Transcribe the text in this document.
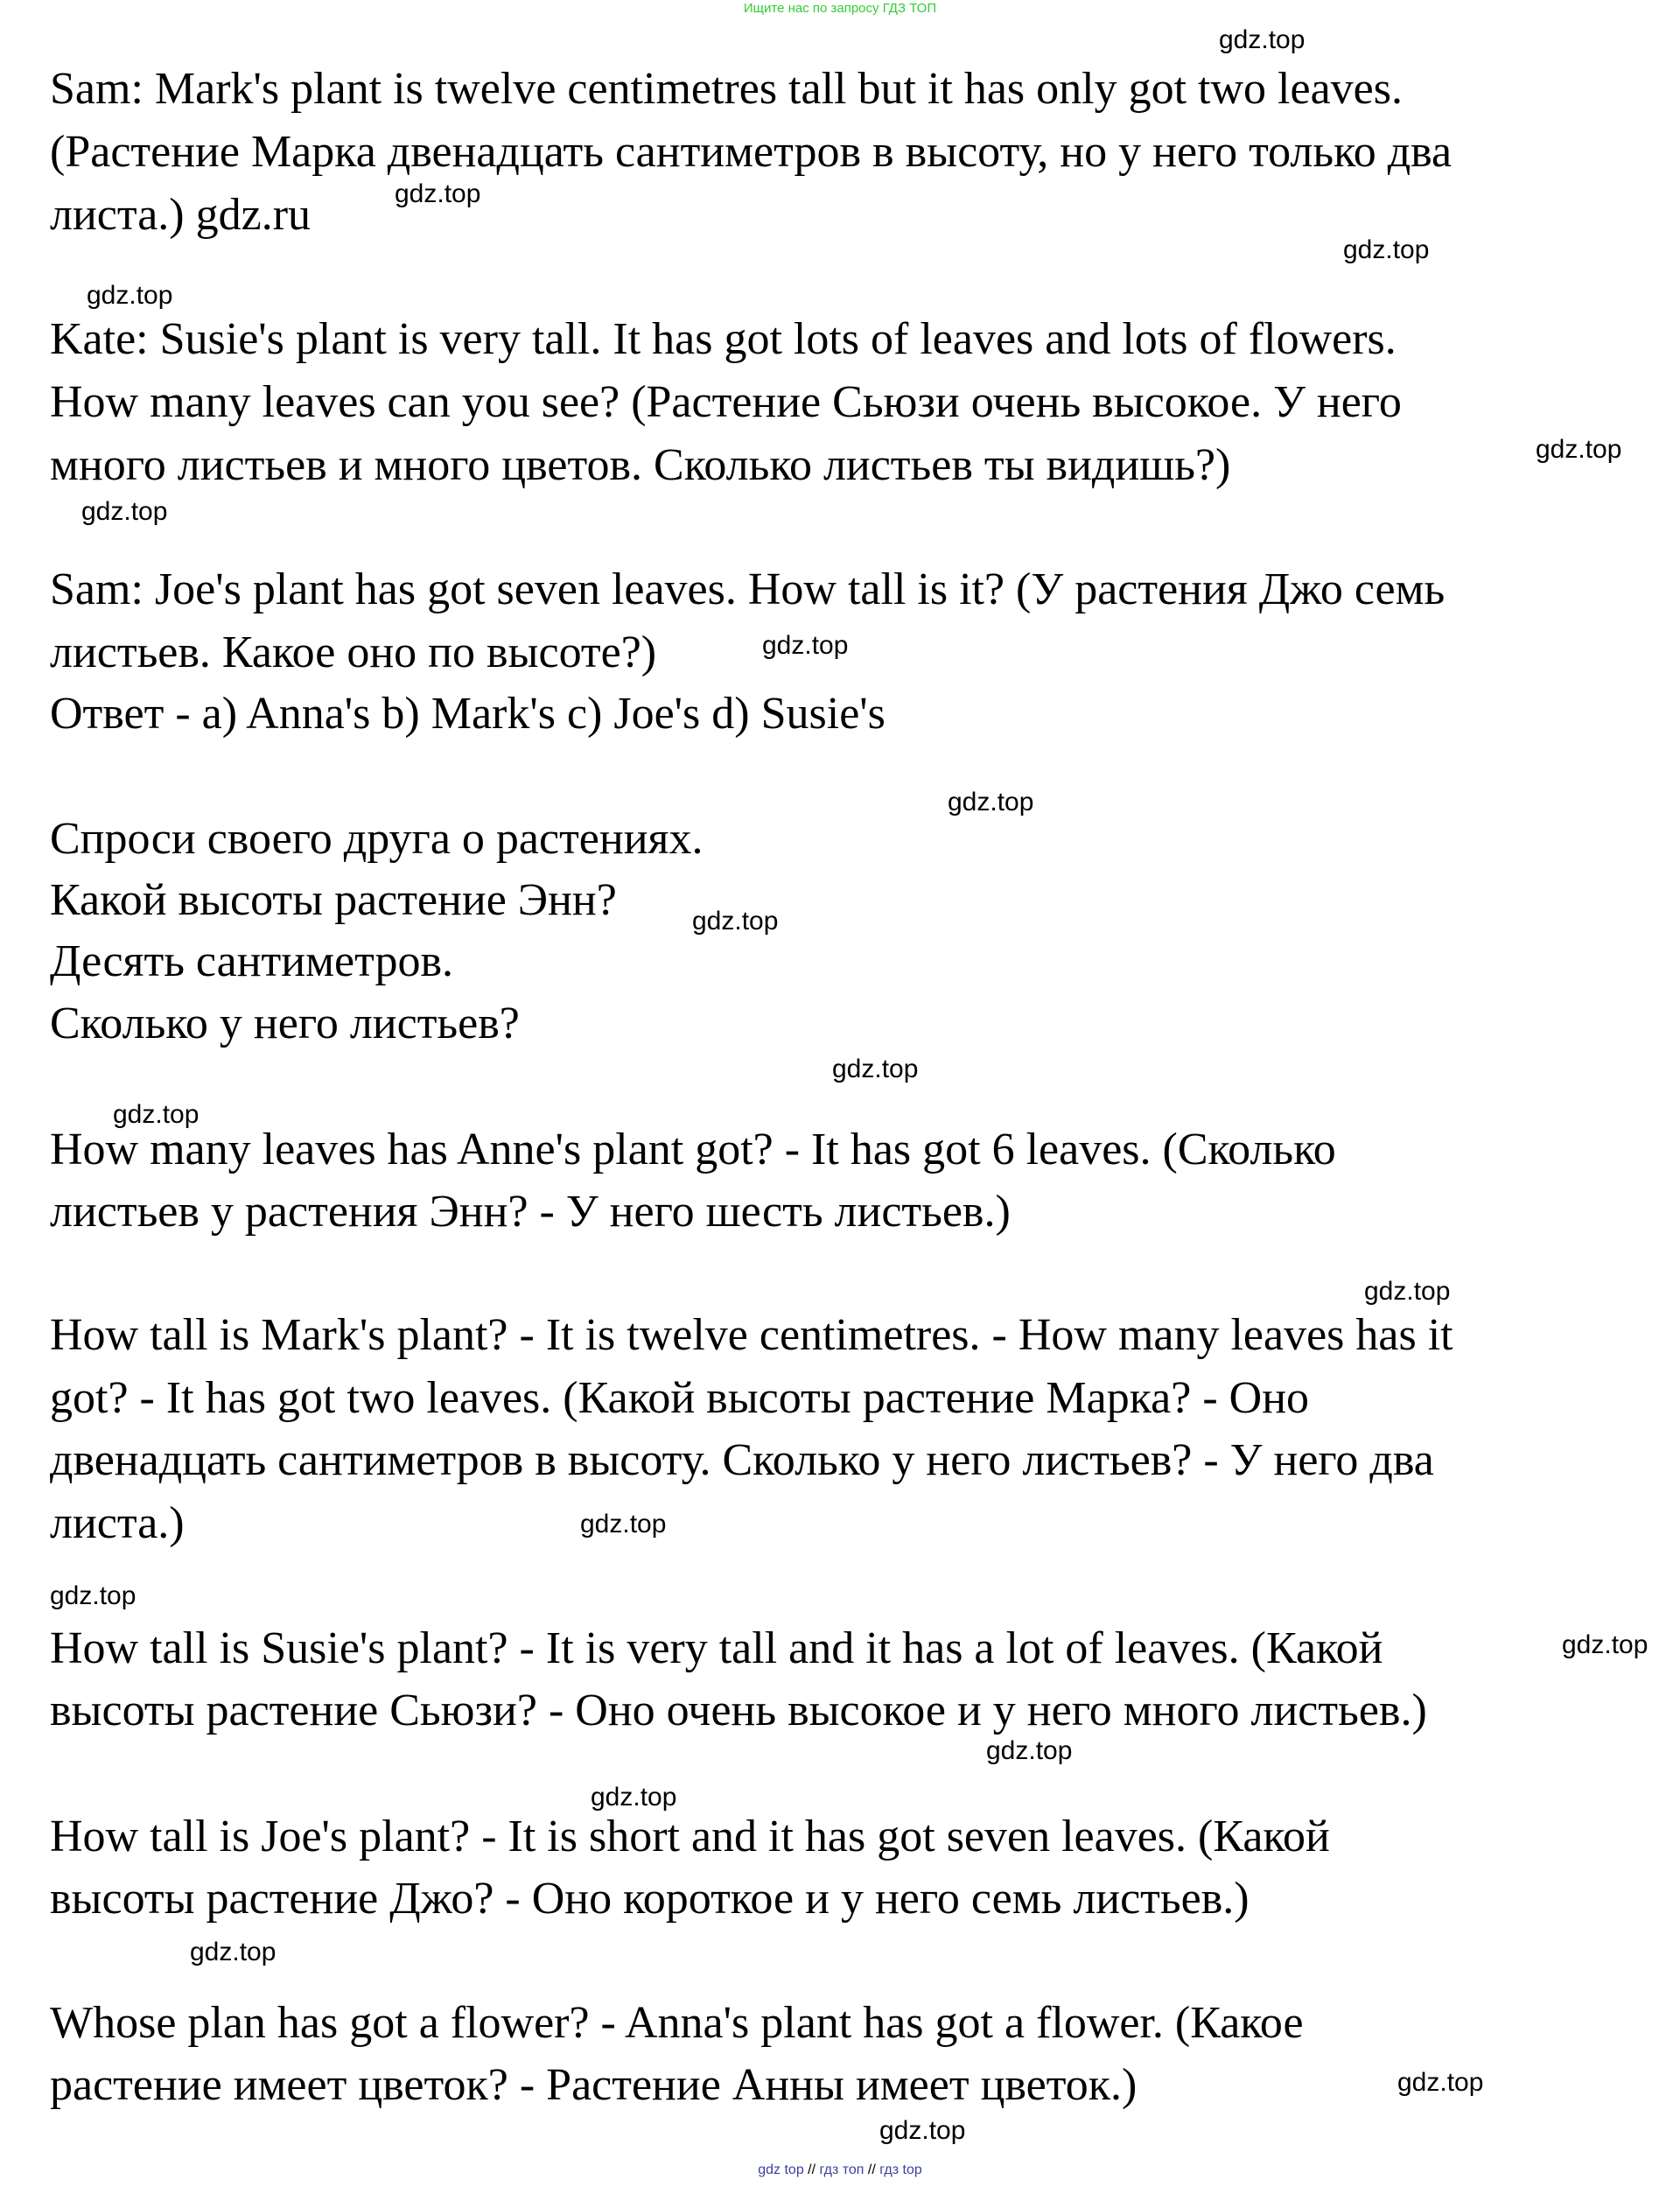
Ищите нас по запросу ГДЗ ТОП
Sam: Mark's plant is twelve centimetres tall but it has only got two leaves.
(Растение Марка двенадцать сантиметров в высоту, но у него только два
листа.) gdz.ru
Kate: Susie's plant is very tall. It has got lots of leaves and lots of flowers.
How many leaves can you see? (Растение Сьюзи очень высокое. У него
много листьев и много цветов. Сколько листьев ты видишь?)
Sam: Joe's plant has got seven leaves. How tall is it? (У растения Джо семь
листьев. Какое оно по высоте?)
Ответ - a) Anna's b) Mark's c) Joe's d) Susie's
Спроси своего друга о растениях.
Какой высоты растение Энн?
Десять сантиметров.
Сколько у него листьев?
How many leaves has Anne's plant got? - It has got 6 leaves. (Сколько
листьев у растения Энн? - У него шесть листьев.)
How tall is Mark's plant? - It is twelve centimetres. - How many leaves has it
got? - It has got two leaves. (Какой высоты растение Марка? - Оно
двенадцать сантиметров в высоту. Сколько у него листьев? - У него два
листа.)
How tall is Susie's plant? - It is very tall and it has a lot of leaves. (Какой
высоты растение Сьюзи? - Оно очень высокое и у него много листьев.)
How tall is Joe's plant? - It is short and it has got seven leaves. (Какой
высоты растение Джо? - Оно короткое и у него семь листьев.)
Whose plan has got a flower? - Anna's plant has got a flower. (Какое
растение имеет цветок? - Растение Анны имеет цветок.)
gdz.top
gdz.top
gdz.top
gdz.top
gdz.top
gdz.top
gdz.top
gdz.top
gdz.top
gdz.top
gdz.top
gdz.top
gdz.top
gdz.top
gdz.top
gdz.top
gdz.top
gdz.top
gdz.top
gdz.top
gdz top // гдз топ // гдз top
